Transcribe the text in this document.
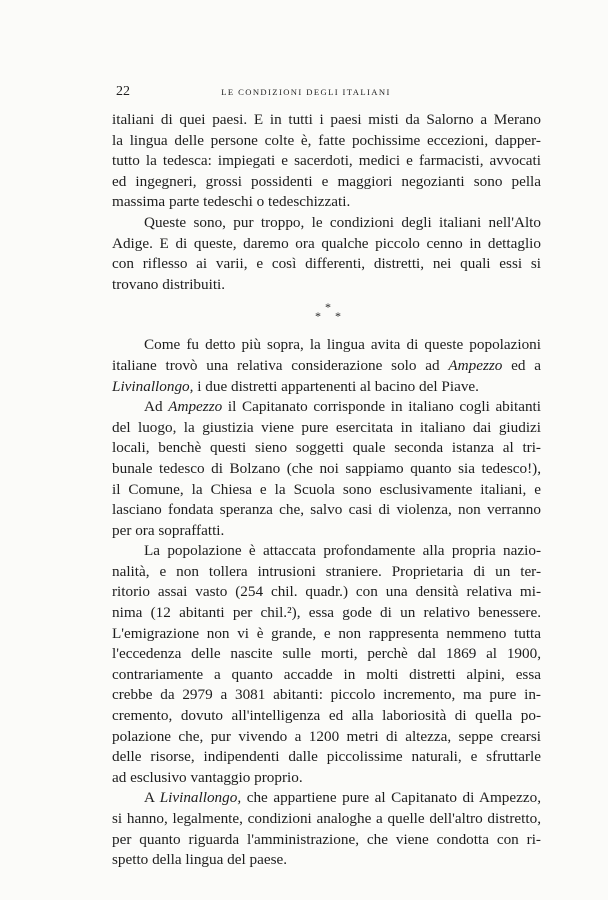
22	LE CONDIZIONI DEGLI ITALIANI
italiani di quei paesi. E in tutti i paesi misti da Salorno a Merano
la lingua delle persone colte è, fatte pochissime eccezioni, dapper-
tutto la tedesca: impiegati e sacerdoti, medici e farmacisti, avvocati
ed ingegneri, grossi possidenti e maggiori negozianti sono pella
massima parte tedeschi o tedeschizzati.
Queste sono, pur troppo, le condizioni degli italiani nell'Alto
Adige. E di queste, daremo ora qualche piccolo cenno in dettaglio
con riflesso ai varii, e così differenti, distretti, nei quali essi si
trovano distribuiti.
*
* *
Come fu detto più sopra, la lingua avita di queste popolazioni
italiane trovò una relativa considerazione solo ad Ampezzo ed a
Livinallongo, i due distretti appartenenti al bacino del Piave.
Ad Ampezzo il Capitanato corrisponde in italiano cogli abitanti
del luogo, la giustizia viene pure esercitata in italiano dai giudizi
locali, benchè questi sieno soggetti quale seconda istanza al tri-
bunale tedesco di Bolzano (che noi sappiamo quanto sia tedesco!),
il Comune, la Chiesa e la Scuola sono esclusivamente italiani, e
lasciano fondata speranza che, salvo casi di violenza, non verranno
per ora sopraffatti.
La popolazione è attaccata profondamente alla propria nazio-
nalità, e non tollera intrusioni straniere. Proprietaria di un ter-
ritorio assai vasto (254 chil. quadr.) con una densità relativa mi-
nima (12 abitanti per chil.²), essa gode di un relativo benessere.
L'emigrazione non vi è grande, e non rappresenta nemmeno tutta
l'eccedenza delle nascite sulle morti, perchè dal 1869 al 1900,
contrariamente a quanto accadde in molti distretti alpini, essa
crebbe da 2979 a 3081 abitanti: piccolo incremento, ma pure in-
cremento, dovuto all'intelligenza ed alla laboriosità di quella po-
polazione che, pur vivendo a 1200 metri di altezza, seppe crearsi
delle risorse, indipendenti dalle piccolissime naturali, e sfruttarle
ad esclusivo vantaggio proprio.
A Livinallongo, che appartiene pure al Capitanato di Ampezzo,
si hanno, legalmente, condizioni analoghe a quelle dell'altro distretto,
per quanto riguarda l'amministrazione, che viene condotta con ri-
spetto della lingua del paese.
